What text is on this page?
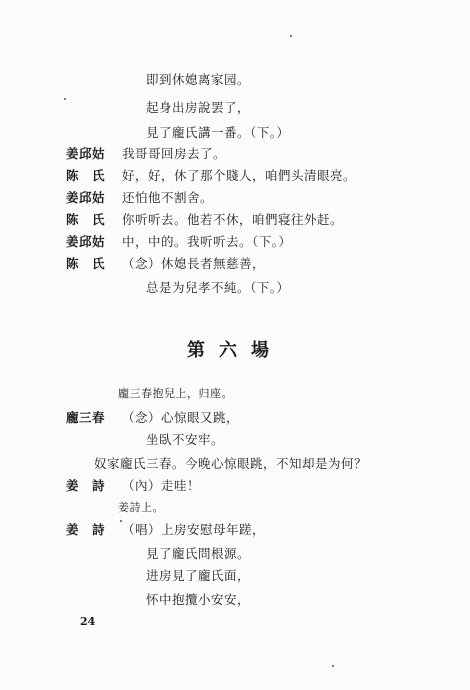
即到休媳离家园。
起身出房說罢了，
見了龐氏講一番。（下。）
姜邱姑 我哥哥回房去了。
陈　氏 好，好，休了那个賤人，咱們头清眼亮。
姜邱姑 还怕他不割舍。
陈　氏 你听听去。他若不休，咱們寝往外赶。
姜邱姑 中，中的。我听听去。（下。）
陈　氏 （念）休媳長者無慈善，
总是为兒孝不純。（下。）
第六場
龐三春抱兒上，归座。
龐三春 （念）心惊眼又跳，
坐臥不安牢。
奴家龐氏三春。今晚心惊眼跳，不知却是为何？
姜　詩 （內）走哇！
姜詩上。
姜　詩 （唱）上房安慰母年蹉，
見了龐氏問根源。
进房見了龐氏面，
怀中抱攬小安安，
24
